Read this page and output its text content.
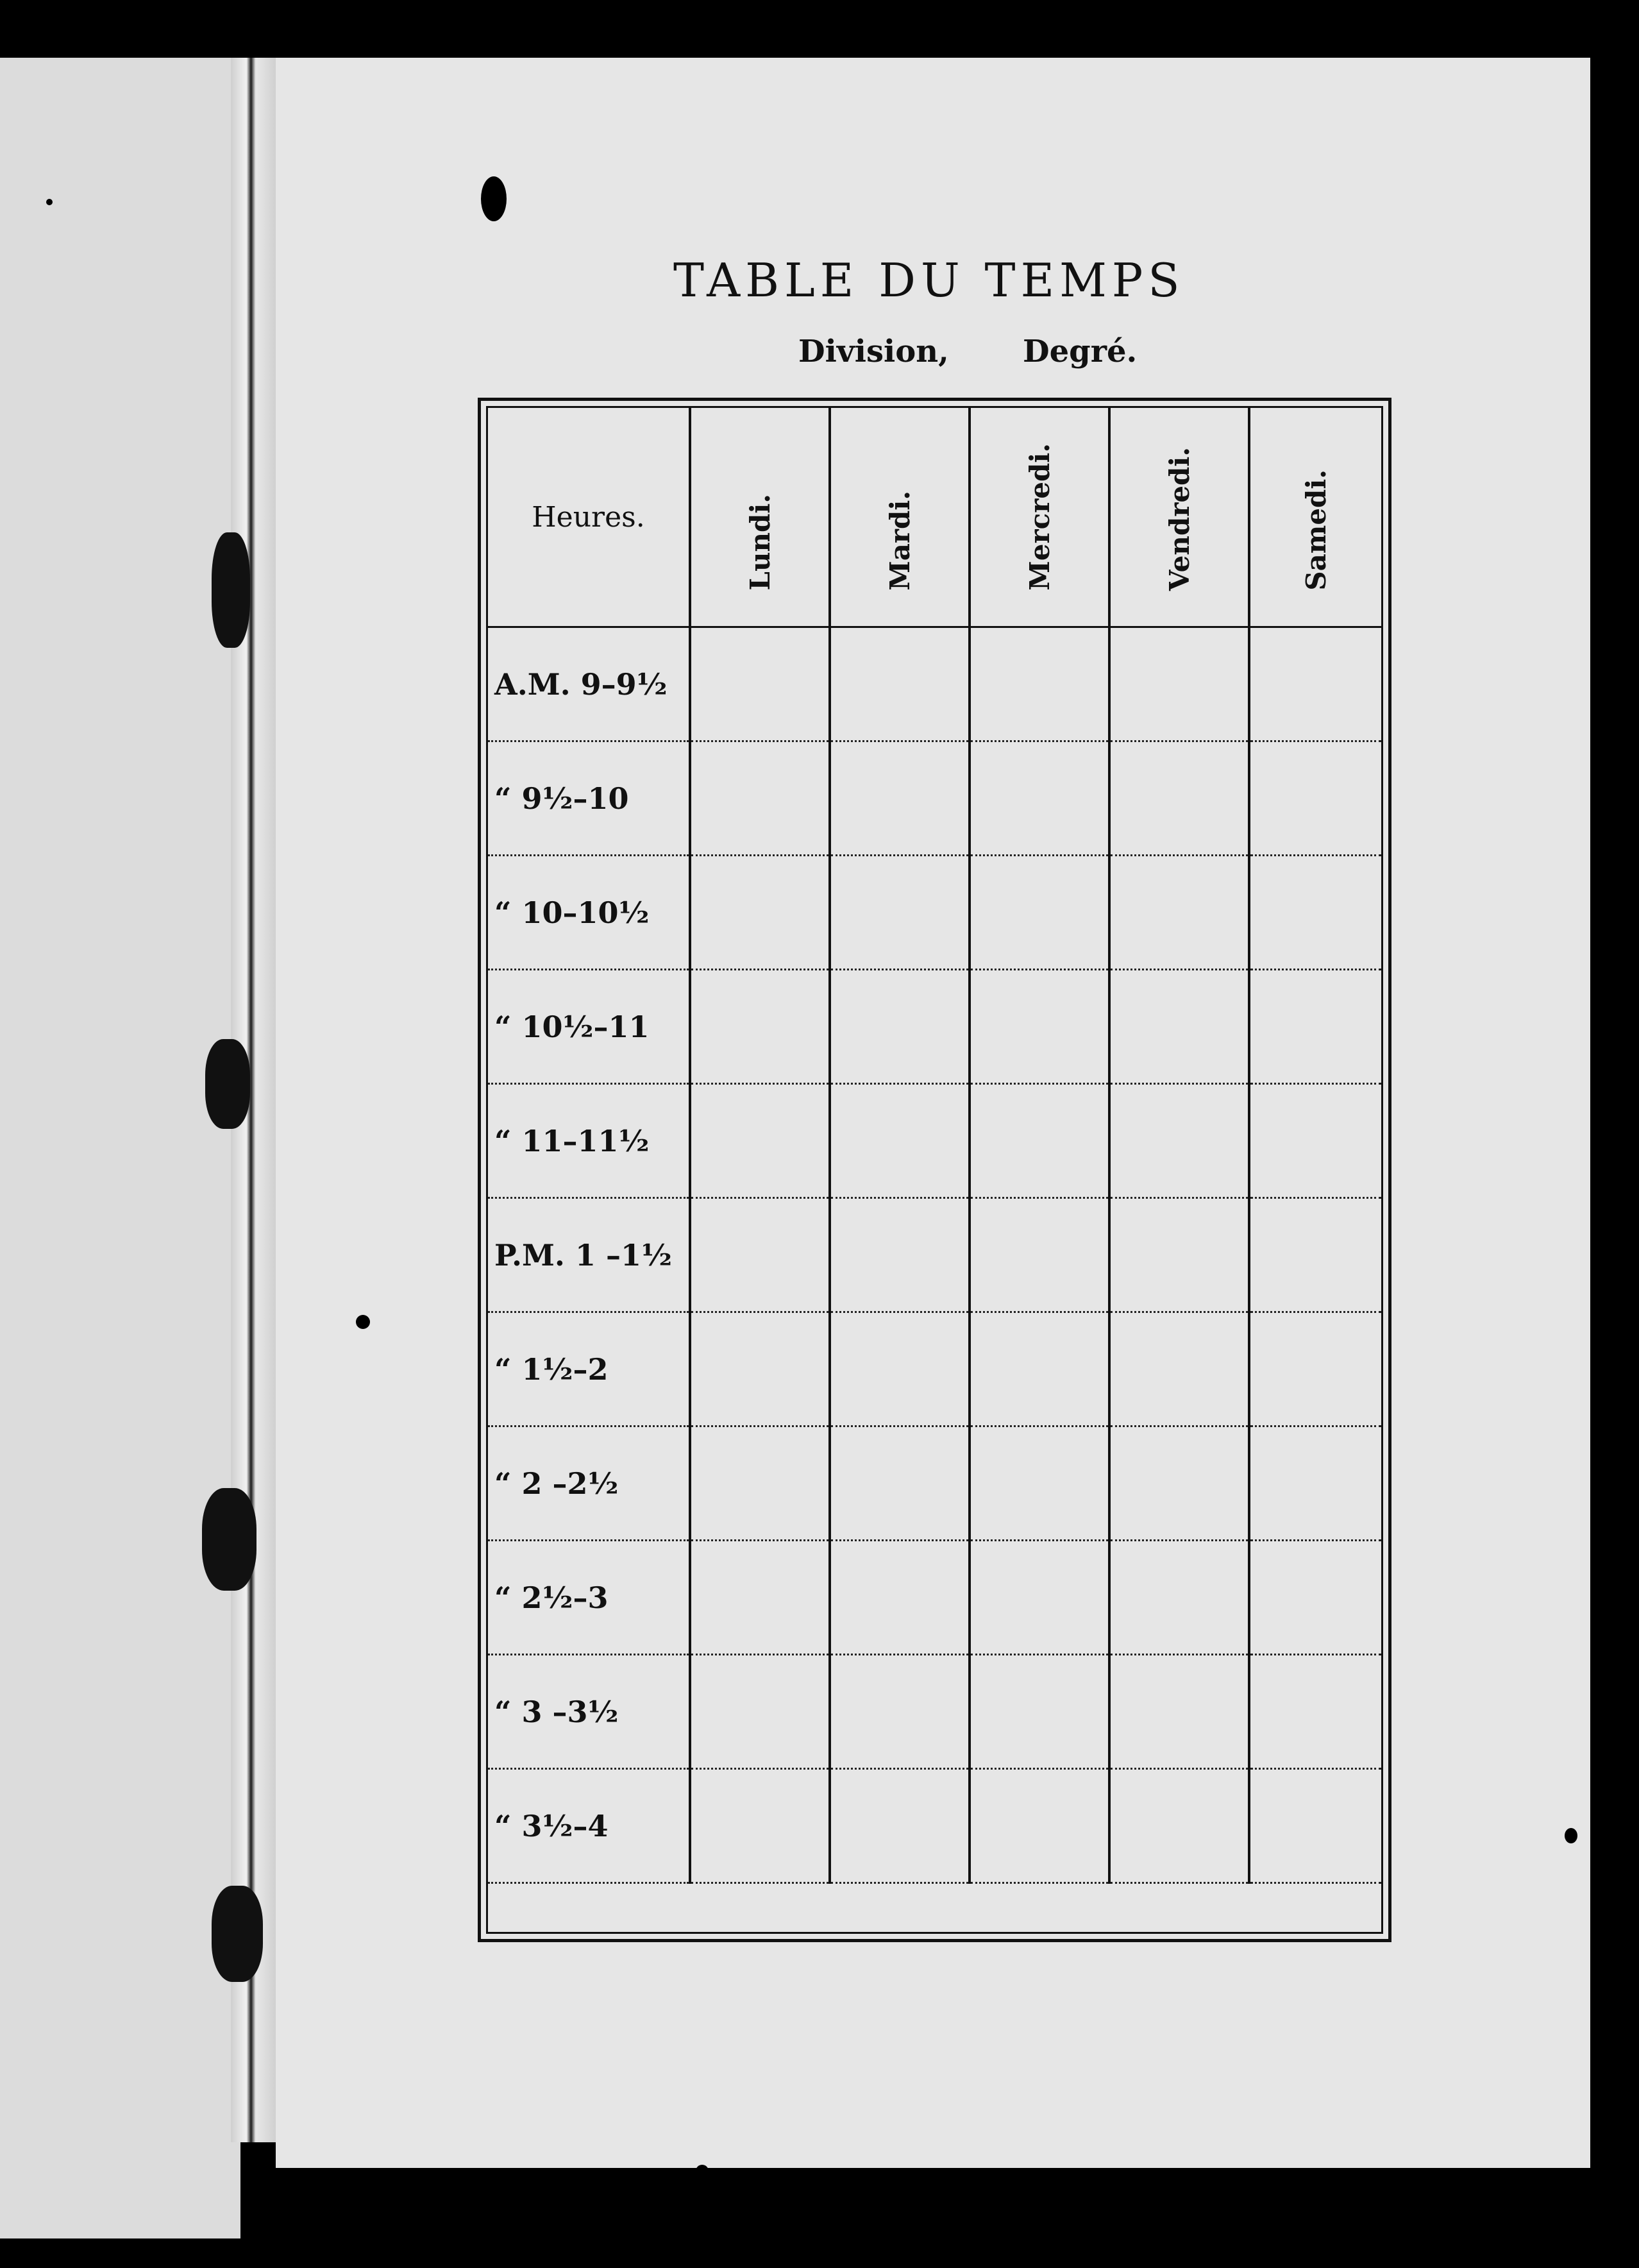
TABLE DU TEMPS
Division, Degré.
Heures.	Lundi.	Mardi.	Mercredi.	Vendredi.	Samedi.

A.M. 9–9½					
“ 9½–10					
“ 10–10½					
“ 10½–11					
“ 11–11½					
P.M. 1 –1½					
“ 1½–2					
“ 2 –2½					
“ 2½–3					
“ 3 –3½					
“ 3½–4					
